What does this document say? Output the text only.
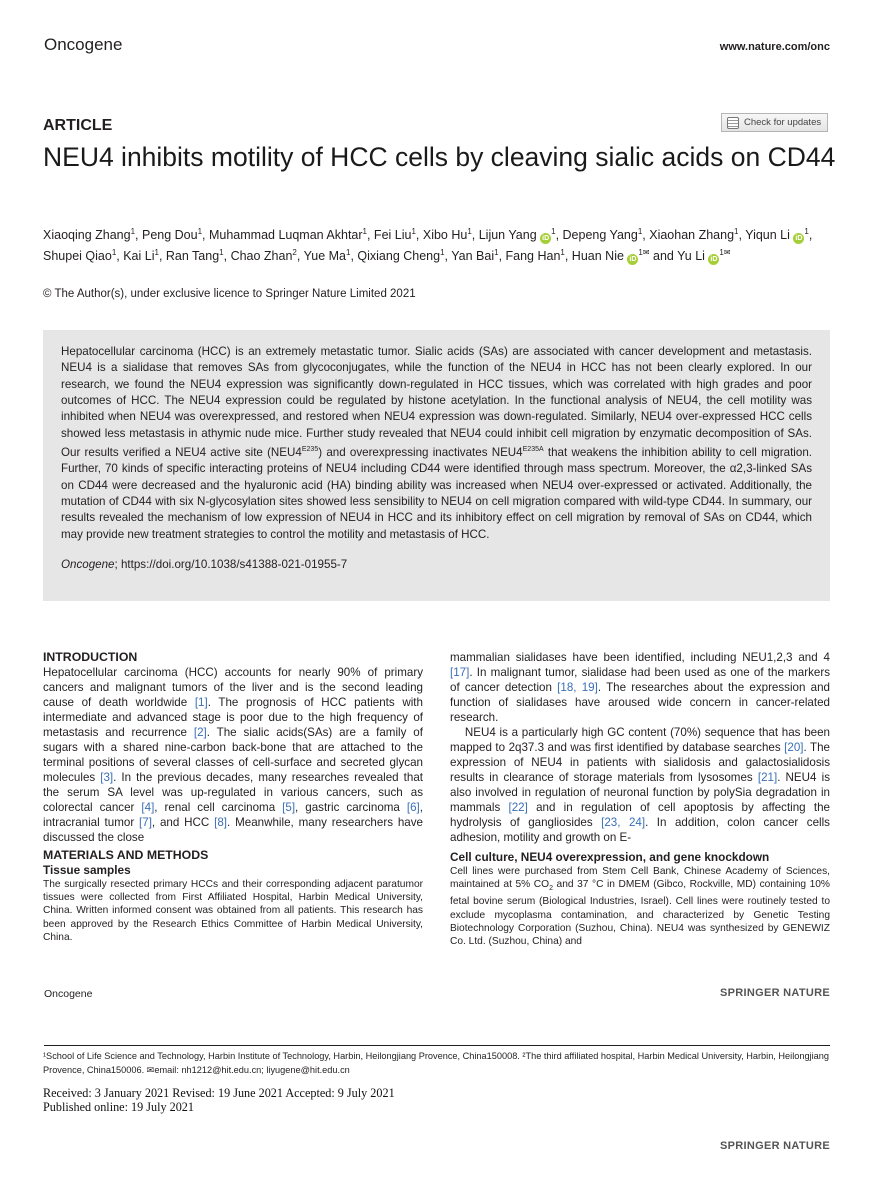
Oncogene	www.nature.com/onc
ARTICLE	Check for updates
NEU4 inhibits motility of HCC cells by cleaving sialic acids on CD44
Xiaoqing Zhang$^1$, Peng Dou$^1$, Muhammad Luqman Akhtar$^1$, Fei Liu$^1$, Xibo Hu$^1$, Lijun Yang $iD^1$, Depeng Yang$^1$, Xiaohan Zhang$^1$, Yiqun Li $iD^1$, Shupei Qiao$^1$, Kai Li$^1$, Ran Tang$^1$, Chao Zhan$^2$, Yue Ma$^1$, Qixiang Cheng$^1$, Yan Bai$^1$, Fang Han$^1$, Huan Nie $iD^{1✉}$ and Yu Li $iD^{1✉}$
© The Author(s), under exclusive licence to Springer Nature Limited 2021

Hepatocellular carcinoma (HCC) is an extremely metastatic tumor. Sialic acids (SAs) are associated with cancer development and metastasis. NEU4 is a sialidase that removes SAs from glycoconjugates, while the function of the NEU4 in HCC has not been clearly explored. In our research, we found the NEU4 expression was significantly down-regulated in HCC tissues, which was correlated with high grades and poor outcomes of HCC. The NEU4 expression could be regulated by histone acetylation. In the functional analysis of NEU4, the cell motility was inhibited when NEU4 was overexpressed, and restored when NEU4 expression was down-regulated. Similarly, NEU4 over-expressed HCC cells showed less metastasis in athymic nude mice. Further study revealed that NEU4 could inhibit cell migration by enzymatic decomposition of SAs. Our results verified a NEU4 active site $(NEU4^{E235})$ and overexpressing inactivates $NEU4^{E235A}$ that weakens the inhibition ability to cell migration. Further, 70 kinds of specific interacting proteins of NEU4 including CD44 were identified through mass spectrum. Moreover, the α2,3-linked SAs on CD44 were decreased and the hyaluronic acid (HA) binding ability was increased when NEU4 over-expressed or activated. Additionally, the mutation of CD44 with six N-glycosylation sites showed less sensibility to NEU4 on cell migration compared with wild-type CD44. In summary, our results revealed the mechanism of low expression of NEU4 in HCC and its inhibitory effect on cell migration by removal of SAs on CD44, which may provide new treatment strategies to control the motility and metastasis of HCC.

Oncogene; https://doi.org/10.1038/s41388-021-01955-7

INTRODUCTION

Hepatocellular carcinoma (HCC) accounts for nearly 90% of primary cancers and malignant tumors of the liver and is the second leading cause of death worldwide [1]. The prognosis of HCC patients with intermediate and advanced stage is poor due to the high frequency of metastasis and recurrence [2]. The sialic acids(SAs) are a family of sugars with a shared nine-carbon back-bone that are attached to the terminal positions of several classes of cell-surface and secreted glycan molecules [3]. In the previous decades, many researches revealed that the serum SA level was up-regulated in various cancers, such as colorectal cancer [4], renal cell carcinoma [5], gastric carcinoma [6], intracranial tumor [7], and HCC [8]. Meanwhile, many researchers have discussed the close

MATERIALS AND METHODS

Tissue samples

The surgically resected primary HCCs and their corresponding adjacent paratumor tissues were collected from First Affiliated Hospital, Harbin Medical University, China. Written informed consent was obtained from all patients. This research has been approved by the Research Ethics Committee of Harbin Medical University, China.

mammalian sialidases have been identified, including NEU1,2,3 and 4 [17]. In malignant tumor, sialidase had been used as one of the markers of cancer detection [18, 19]. The researches about the expression and function of sialidases have aroused wide concern in cancer-related research.

NEU4 is a particularly high GC content (70%) sequence that has been mapped to 2q37.3 and was first identified by database searches [20]. The expression of NEU4 in patients with sialidosis and galactosialidosis results in clearance of storage materials from lysosomes [21]. NEU4 is also involved in regulation of neuronal function by polySia degradation in mammals [22] and in regulation of cell apoptosis by affecting the hydrolysis of gangliosides [23, 24]. In addition, colon cancer cells adhesion, motility and growth on E-

Cell culture, NEU4 overexpression, and gene knockdown

Cell lines were purchased from Stem Cell Bank, Chinese Academy of Sciences, maintained at 5% $CO_2$ and 37 °C in DMEM (Gibco, Rockville, MD) containing 10% fetal bovine serum (Biological Industries, Israel). Cell lines were routinely tested to exclude mycoplasma contamination, and characterized by Genetic Testing Biotechnology Corporation (Suzhou, China). NEU4 was synthesized by GENEWIZ Co. Ltd. (Suzhou, China) and

Oncogene	SPRINGER NATURE
¹School of Life Science and Technology, Harbin Institute of Technology, Harbin, Heilongjiang Provence, China150008. ²The third affiliated hospital, Harbin Medical University, Harbin, Heilongjiang Provence, China150006. ✉email: nh1212@hit.edu.cn; liyugene@hit.edu.cn
Received: 3 January 2021 Revised: 19 June 2021 Accepted: 9 July 2021
Published online: 19 July 2021
SPRINGER NATURE
